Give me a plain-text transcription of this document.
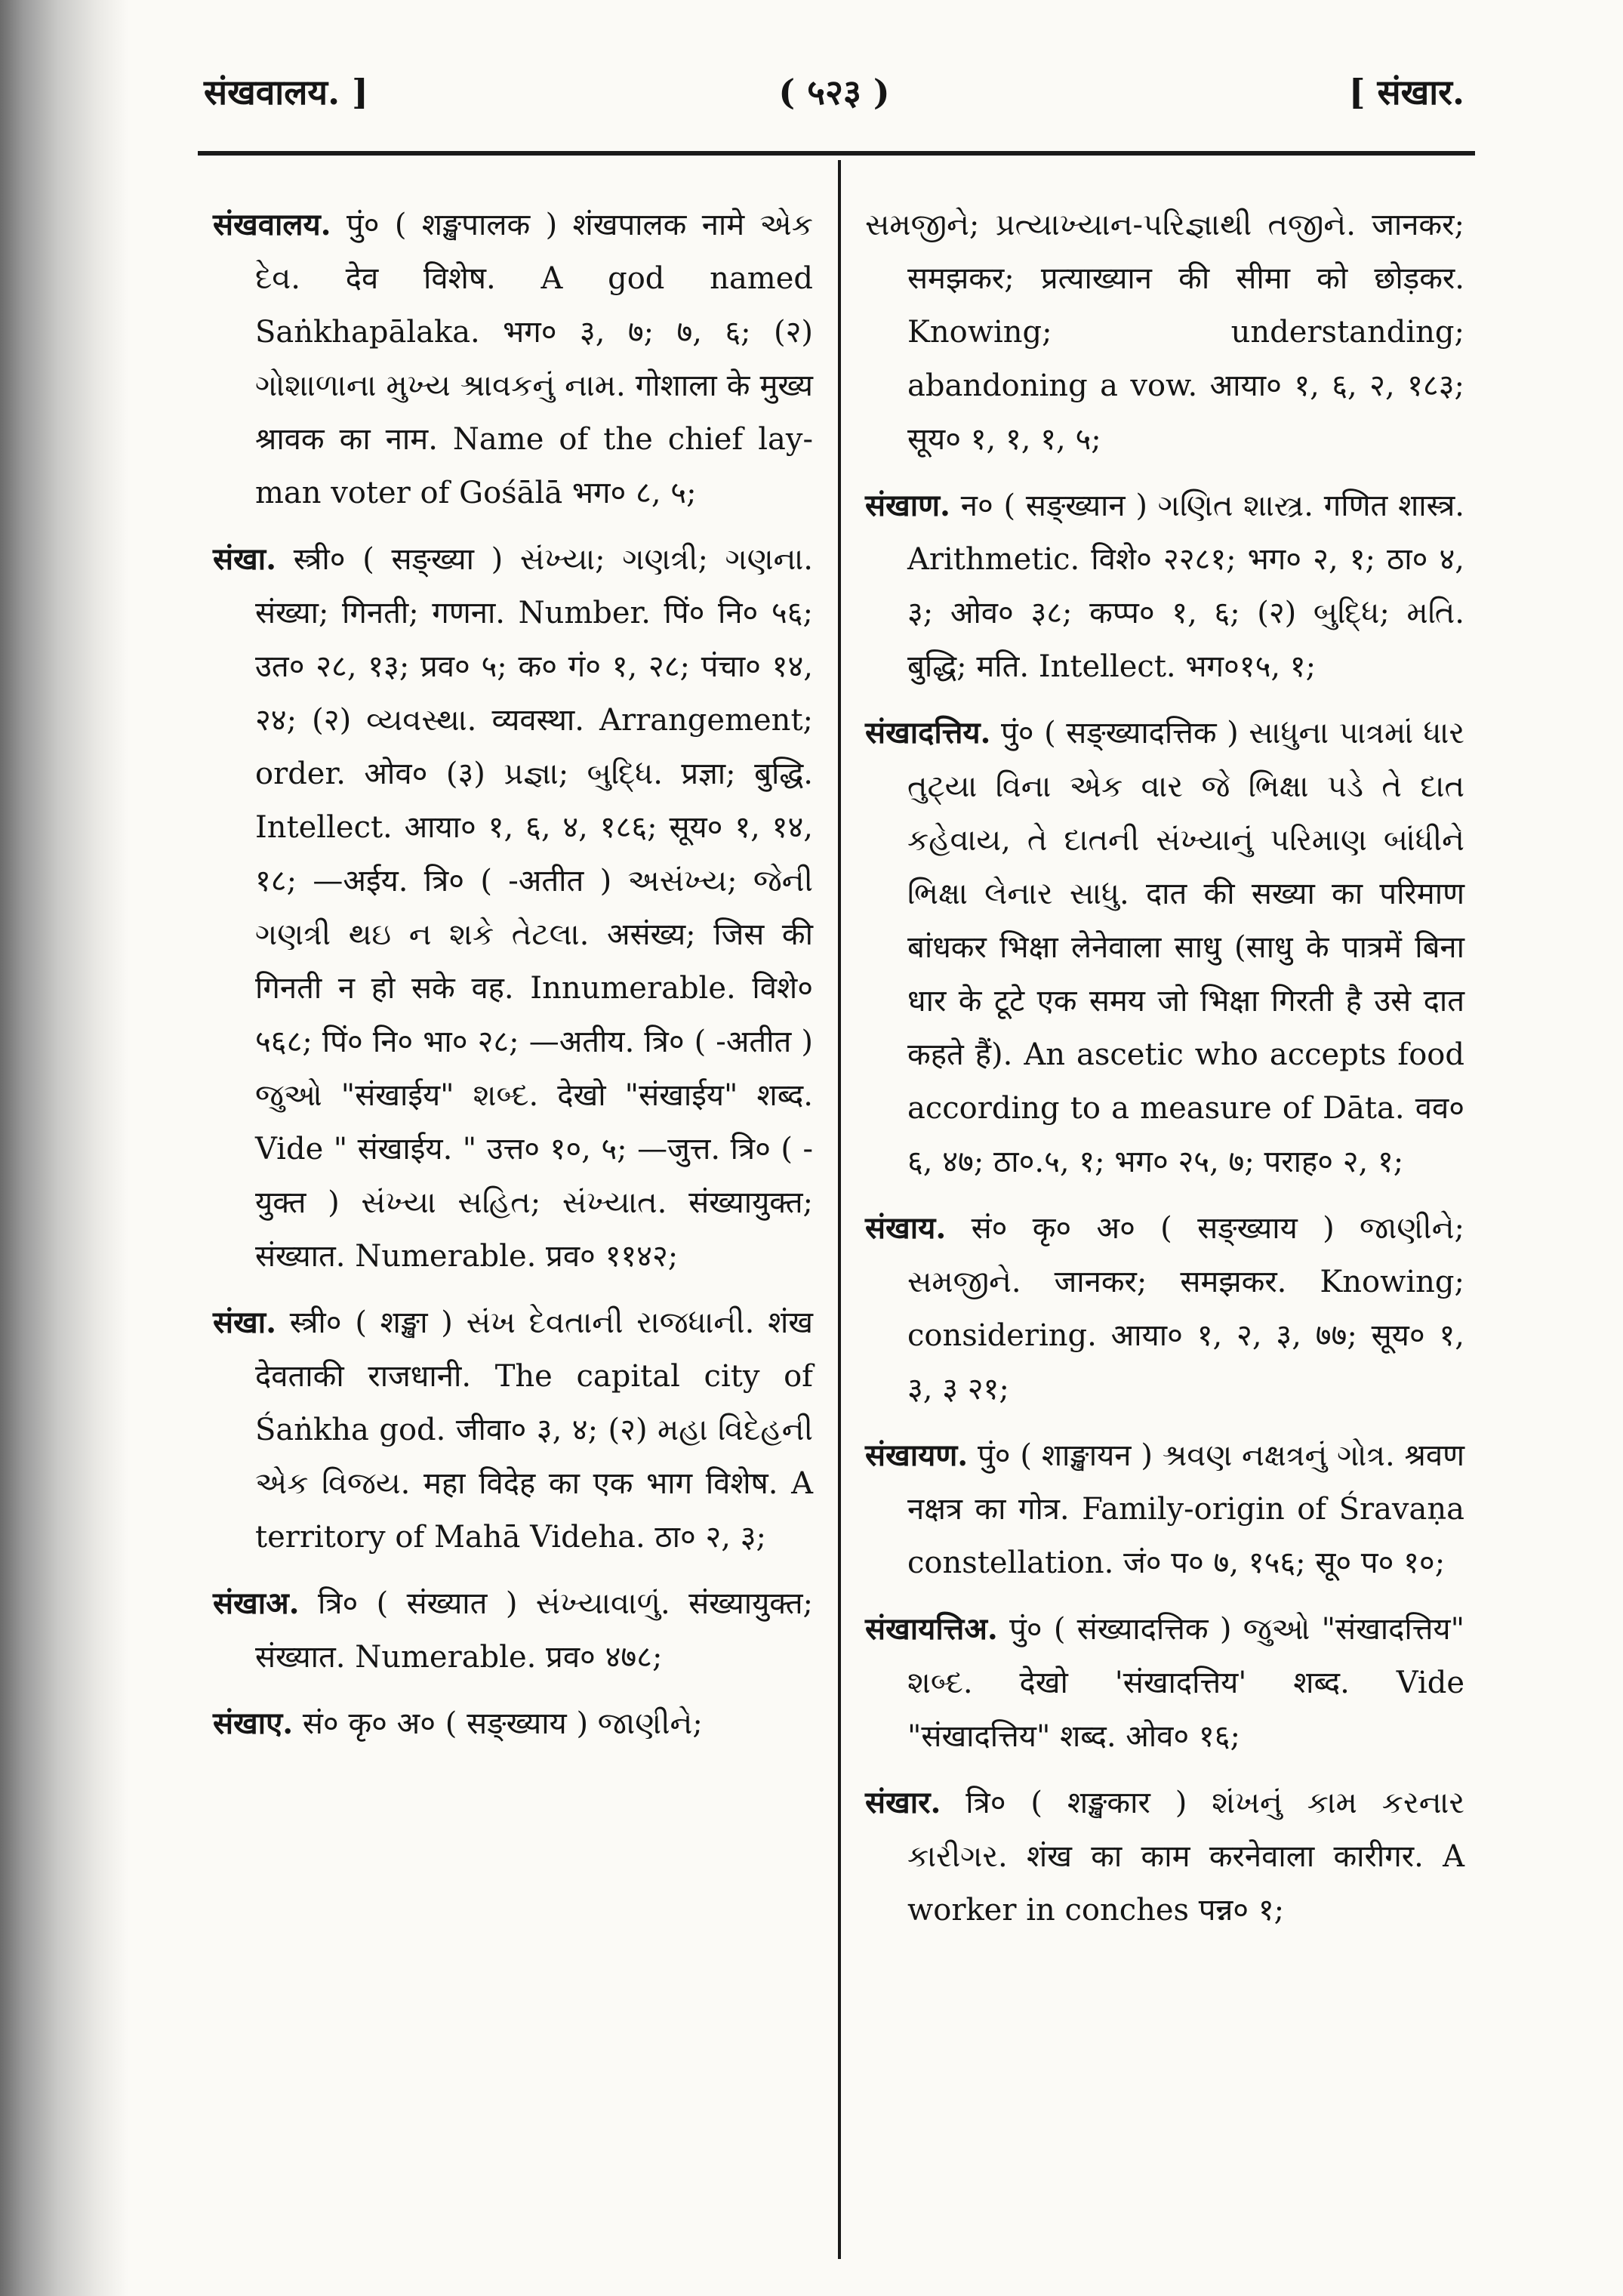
संखवालय. ]	( ५२३ )	[ संखार.

संखवालय. पुं० ( शङ्खपालक ) शंखपालक नामे એક દેવ. देव विशेष. A god named Saṅkhapālaka. भग० ३, ७; ७, ६; (२) ગોશાળાના મુખ્ય શ્રાવકનું નામ. गोशाला के मुख्य श्रावक का नाम. Name of the chief lay-man voter of Gośālā भग० ८, ५;

संखा. स्त्री० ( सङ्ख्या ) સંખ્યા; ગણત્રી; ગણના. संख्या; गिनती; गणना. Number. पिं० नि० ५६; उत० २८, १३; प्रव० ५; क० गं० १, २८; पंचा० १४, २४; (२) વ્યવસ્થા. व्यवस्था. Arrangement; order. ओव० (३) પ્રજ્ઞા; બુદ્ધિ. प्रज्ञा; बुद्धि. Intellect. आया० १, ६, ४, १८६; सूय० १, १४, १८; —अईय. त्रि० ( -अतीत ) અસંખ્ય; જેની ગણત્રી થઇ ન શકે તેટલા. असंख्य; जिस की गिनती न हो सके वह. Innumerable. विशे० ५६८; पिं० नि० भा० २८; —अतीय. त्रि० ( -अतीत ) જુઓ "संखाईय" શબ્દ. देखो "संखाईय" शब्द. Vide " संखाईय. " उत्त० १०, ५; —जुत्त. त्रि० ( -युक्त ) સંખ્યા સહિત; સંખ્યાત. संख्यायुक्त; संख्यात. Numerable. प्रव० ११४२;

संखा. स्त्री० ( शङ्खा ) સંખ દેવતાની રાજધાની. शंख देवताकी राजधानी. The capital city of Śaṅkha god. जीवा० ३, ४; (२) મહા વિદેહની એક વિજય. महा विदेह का एक भाग विशेष. A territory of Mahā Videha. ठा० २, ३;

संखाअ. त्रि० ( संख्यात ) સંખ્યાવાળું. संख्यायुक्त; संख्यात. Numerable. प्रव० ४७८;

संखाए. सं० कृ० अ० ( सङ्ख्याय ) જાણીને;

સમજીને; પ્રત્યાખ્યાન-પરિજ્ઞાથી તજીને. जानकर; समझकर; प्रत्याख्यान की सीमा को छोड़कर. Knowing; understanding; abandoning a vow. आया० १, ६, २, १८३; सूय० १, १, १, ५;

संखाण. न० ( सङ्ख्यान ) ગણિત શાસ્ત્ર. गणित शास्त्र. Arithmetic. विशे० २२८१; भग० २, १; ठा० ४, ३; ओव० ३८; कप्प० १, ६; (२) બુદ્ધિ; મતિ. बुद्धि; मति. Intellect. भग०१५, १;

संखादत्तिय. पुं० ( सङ्ख्यादत्तिक ) સાધુના પાત્રમાં ધાર તુટ્યા વિના એક વાર જે ભિક્ષા પડે તે દાત કહેવાય, તે દાતની સંખ્યાનું પરિમાણ બાંધીને ભિક્ષા લેનાર સાધુ. दात की सख्या का परिमाण बांधकर भिक्षा लेनेवाला साधु (साधु के पात्रमें बिना धार के टूटे एक समय जो भिक्षा गिरती है उसे दात कहते हैं). An ascetic who accepts food according to a measure of Dāta. वव० ६, ४७; ठा०.५, १; भग० २५, ७; पराह० २, १;

संखाय. सं० कृ० अ० ( सङ्ख्याय ) જાણીને; સમજીને. जानकर; समझकर. Knowing; considering. आया० १, २, ३, ७७; सूय० १, ३, ३ २१;

संखायण. पुं० ( शाङ्खायन ) શ્રવણ નક્ષત્રનું ગોત્ર. श्रवण नक्षत्र का गोत्र. Family-origin of Śravaṇa constellation. जं० प० ७, १५६; सू० प० १०;

संखायत्तिअ. पुं० ( संख्यादत्तिक ) જુઓ "संखादत्तिय" શબ્દ. देखो 'संखादत्तिय' शब्द. Vide "संखादत्तिय" शब्द. ओव० १६;

संखार. त्रि० ( शङ्खकार ) શંખનું કામ કરનાર કારીગર. शंख का काम करनेवाला कारीगर. A worker in conches पन्न० १;
